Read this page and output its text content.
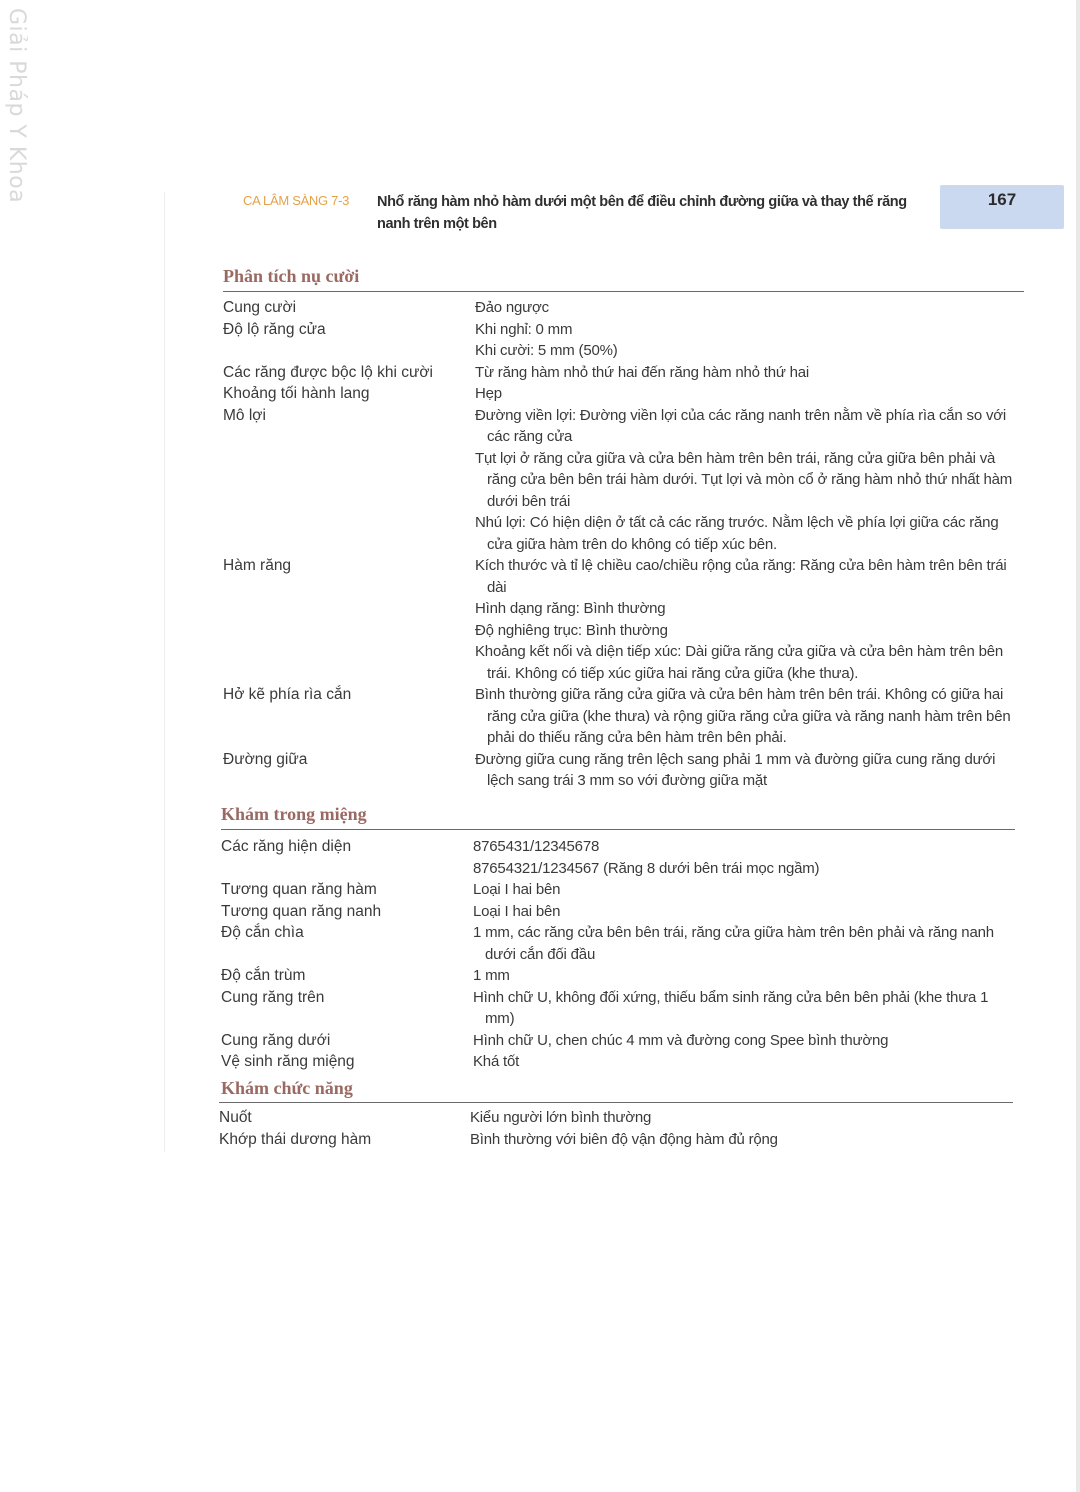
Giải Pháp Y Khoa	CA LÂM SÀNG 7-3 Nhổ răng hàm nhỏ hàm dưới một bên để điều chỉnh đường giữa và thay thế răng nanh trên một bên
167
Phân tích nụ cười
Cung cười	Đảo ngược
Độ lộ răng cửa	Khi nghỉ: 0 mm
Khi cười: 5 mm (50%)
Các răng được bộc lộ khi cười	Từ răng hàm nhỏ thứ hai đến răng hàm nhỏ thứ hai
Khoảng tối hành lang	Hẹp
Mô lợi	Đường viền lợi: Đường viền lợi của các răng nanh trên nằm về phía rìa cắn so với các răng cửa
Tụt lợi ở răng cửa giữa và cửa bên hàm trên bên trái, răng cửa giữa bên phải và răng cửa bên bên trái hàm dưới. Tụt lợi và mòn cổ ở răng hàm nhỏ thứ nhất hàm dưới bên trái
Nhú lợi: Có hiện diện ở tất cả các răng trước. Nằm lệch về phía lợi giữa các răng cửa giữa hàm trên do không có tiếp xúc bên.
Hàm răng	Kích thước và tỉ lệ chiều cao/chiều rộng của răng: Răng cửa bên hàm trên bên trái dài
Hình dạng răng: Bình thường
Độ nghiêng trục: Bình thường
Khoảng kết nối và diện tiếp xúc: Dài giữa răng cửa giữa và cửa bên hàm trên bên trái. Không có tiếp xúc giữa hai răng cửa giữa (khe thưa).
Hở kẽ phía rìa cắn	Bình thường giữa răng cửa giữa và cửa bên hàm trên bên trái. Không có giữa hai răng cửa giữa (khe thưa) và rộng giữa răng cửa giữa và răng nanh hàm trên bên phải do thiếu răng cửa bên hàm trên bên phải.
Đường giữa	Đường giữa cung răng trên lệch sang phải 1 mm và đường giữa cung răng dưới lệch sang trái 3 mm so với đường giữa mặt
Khám trong miệng
Các răng hiện diện	8765431/12345678
87654321/1234567 (Răng 8 dưới bên trái mọc ngầm)
Tương quan răng hàm	Loại I hai bên
Tương quan răng nanh	Loại I hai bên
Độ cắn chìa	1 mm, các răng cửa bên bên trái, răng cửa giữa hàm trên bên phải và răng nanh dưới cắn đối đầu
Độ cắn trùm	1 mm
Cung răng trên	Hình chữ U, không đối xứng, thiếu bẩm sinh răng cửa bên bên phải (khe thưa 1 mm)
Cung răng dưới	Hình chữ U, chen chúc 4 mm và đường cong Spee bình thường
Vệ sinh răng miệng	Khá tốt
Khám chức năng
Nuốt	Kiểu người lớn bình thường
Khớp thái dương hàm	Bình thường với biên độ vận động hàm đủ rộng
